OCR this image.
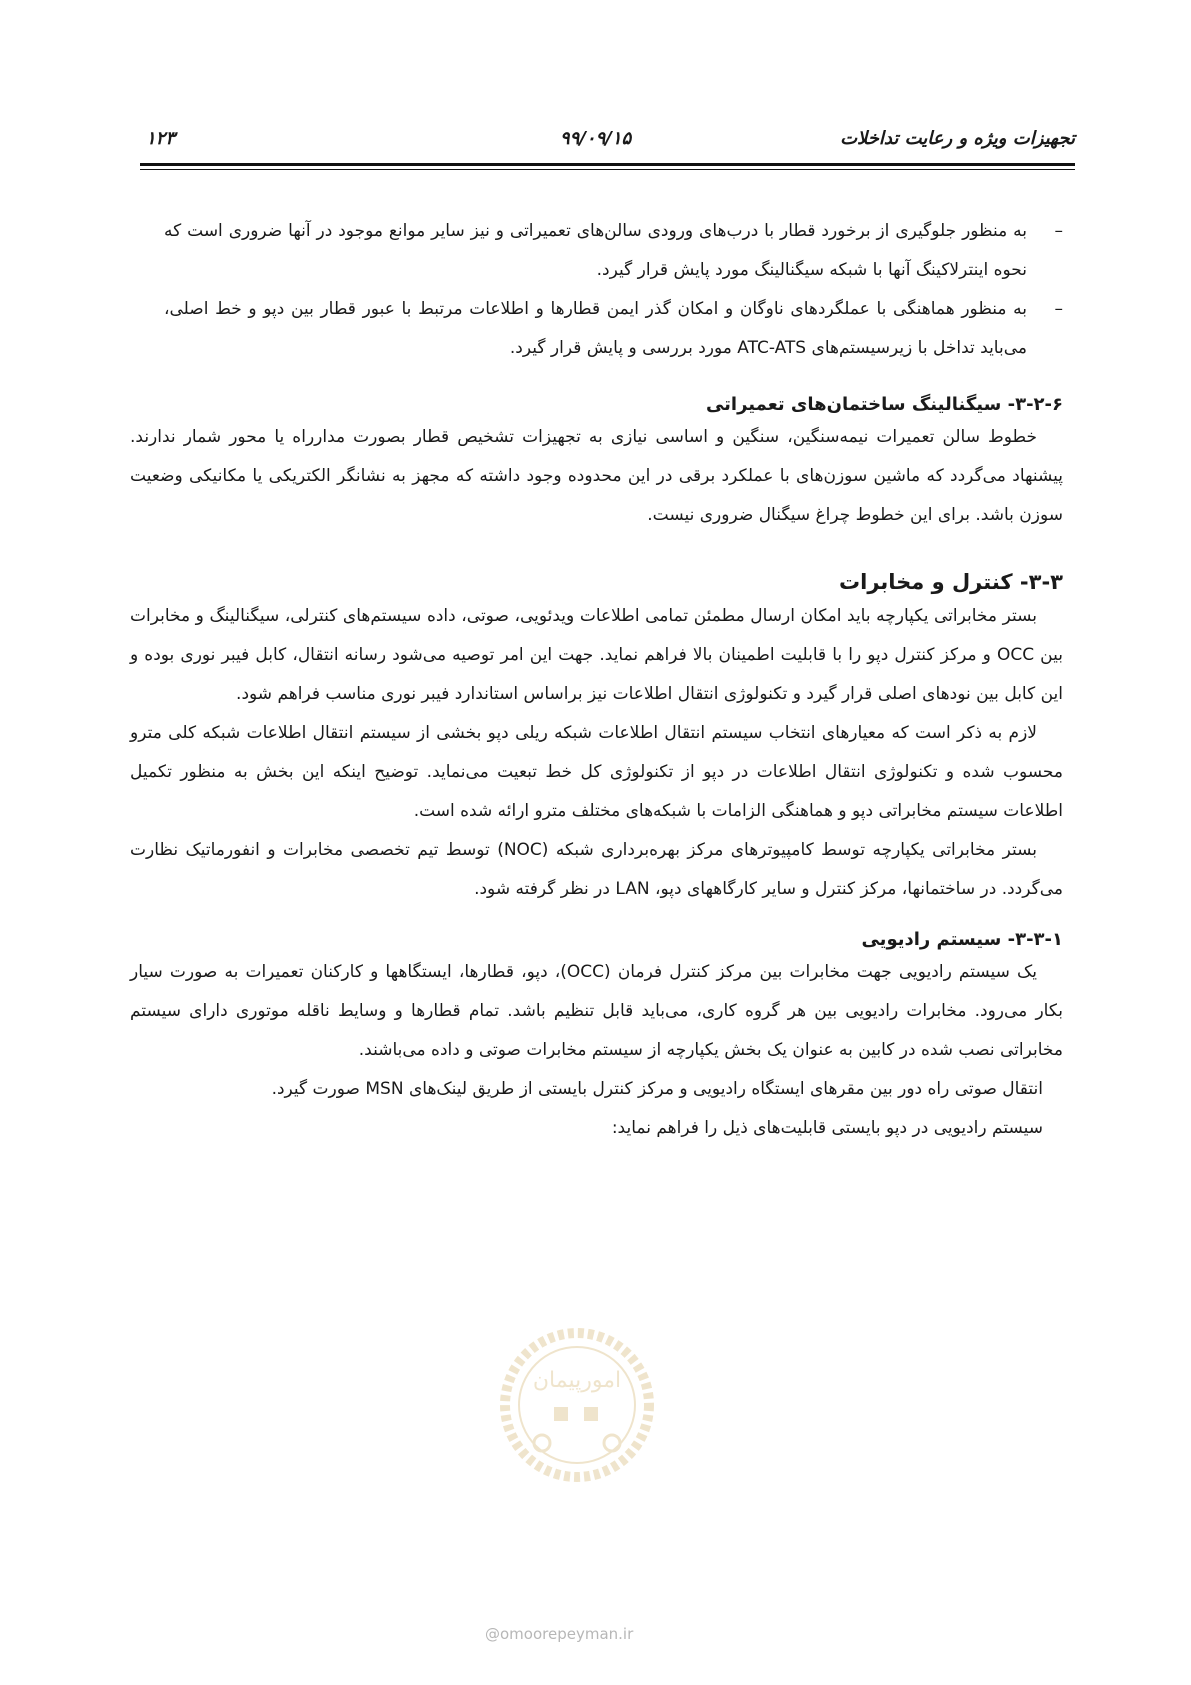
تجهیزات ویژه و رعایت تداخلات
۹۹/۰۹/۱۵
۱۲۳
–
به منظور جلوگیری از برخورد قطار با درب‌های ورودی سالن‌های تعمیراتی و نیز سایر موانع موجود در آنها ضروری است که نحوه اینترلاکینگ آنها با شبکه سیگنالینگ مورد پایش قرار گیرد.
–
به منظور هماهنگی با عملگردهای ناوگان و امکان گذر ایمن قطارها و اطلاعات مرتبط با عبور قطار بین دپو و خط اصلی، می‌باید تداخل با زیرسیستم‌های ATC-ATS مورد بررسی و پایش قرار گیرد.
۳-۲-۶- سیگنالینگ ساختمان‌های تعمیراتی

خطوط سالن تعمیرات نیمه‌سنگین، سنگین و اساسی نیازی به تجهیزات تشخیص قطار بصورت مدارراه یا محور شمار ندارند. پیشنهاد می‌گردد که ماشین سوزن‌های با عملکرد برقی در این محدوده وجود داشته که مجهز به نشانگر الکتریکی یا مکانیکی وضعیت سوزن باشد. برای این خطوط چراغ سیگنال ضروری نیست.

۳-۳- کنترل و مخابرات

بستر مخابراتی یکپارچه باید امکان ارسال مطمئن تمامی اطلاعات ویدئویی، صوتی، داده سیستم‌های کنترلی، سیگنالینگ و مخابرات بین OCC و مرکز کنترل دپو را با قابلیت اطمینان بالا فراهم نماید. جهت این امر توصیه می‌شود رسانه انتقال، کابل فیبر نوری بوده و این کابل بین نودهای اصلی قرار گیرد و تکنولوژی انتقال اطلاعات نیز براساس استاندارد فیبر نوری مناسب فراهم شود.

لازم به ذکر است که معیارهای انتخاب سیستم انتقال اطلاعات شبکه ریلی دپو بخشی از سیستم انتقال اطلاعات شبکه کلی مترو محسوب شده و تکنولوژی انتقال اطلاعات در دپو از تکنولوژی کل خط تبعیت می‌نماید. توضیح اینکه این بخش به منظور تکمیل اطلاعات سیستم مخابراتی دپو و هماهنگی الزامات با شبکه‌های مختلف مترو ارائه شده است.

بستر مخابراتی یکپارچه توسط کامپیوترهای مرکز بهره‌برداری شبکه (NOC) توسط تیم تخصصی مخابرات و انفورماتیک نظارت می‌گردد. در ساختمانها، مرکز کنترل و سایر کارگاههای دپو، LAN در نظر گرفته شود.

۳-۳-۱- سیستم رادیویی

یک سیستم رادیویی جهت مخابرات بین مرکز کنترل فرمان (OCC)، دپو، قطارها، ایستگاهها و کارکنان تعمیرات به صورت سیار بکار می‌رود. مخابرات رادیویی بین هر گروه کاری، می‌باید قابل تنظیم باشد. تمام قطارها و وسایط ناقله موتوری دارای سیستم مخابراتی نصب شده در کابین به عنوان یک بخش یکپارچه از سیستم مخابرات صوتی و داده می‌باشند.

انتقال صوتی راه دور بین مقرهای ایستگاه رادیویی و مرکز کنترل بایستی از طریق لینک‌های MSN صورت گیرد.

سیستم رادیویی در دپو بایستی قابلیت‌های ذیل را فراهم نماید:

امورپیمان
@omoorepeyman.ir
